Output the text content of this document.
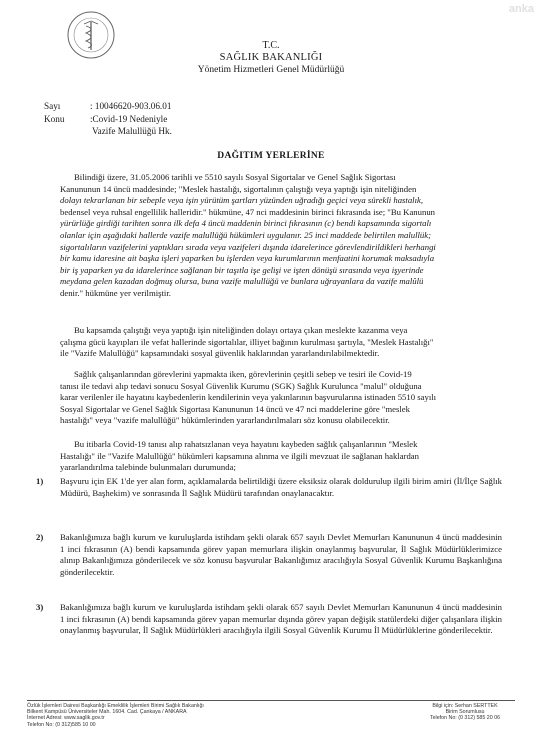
anka
T.C.
SAĞLIK BAKANLIĞI
Yönetim Hizmetleri Genel Müdürlüğü
Sayı	: 10046620-903.06.01
Konu	:Covid-19 Nedeniyle
Vazife Malullüğü Hk.
DAĞITIM YERLERİNE
Bilindiği üzere, 31.05.2006 tarihli ve 5510 sayılı Sosyal Sigortalar ve Genel Sağlık Sigortası
Kanununun 14 üncü maddesinde; "Meslek hastalığı, sigortalının çalıştığı veya yaptığı işin niteliğinden
dolayı tekrarlanan bir sebeple veya işin yürütüm şartları yüzünden uğradığı geçici veya sürekli hastalık,
bedensel veya ruhsal engellilik halleridir." hükmüne, 47 nci maddesinin birinci fıkrasında ise; "Bu Kanunun
yürürlüğe girdiği tarihten sonra ilk defa 4 üncü maddenin birinci fıkrasının (c) bendi kapsamında sigortalı
olanlar için aşağıdaki hallerde vazife malullüğü hükümleri uygulanır. 25 inci maddede belirtilen malullük;
sigortalıların vazifelerini yaptıkları sırada veya vazifeleri dışında idarelerince görevlendirildikleri herhangi
bir kamu idaresine ait başka işleri yaparken bu işlerden veya kurumlarının menfaatini korumak maksadıyla
bir iş yaparken ya da idarelerince sağlanan bir taşıtla işe gelişi ve işten dönüşü sırasında veya işyerinde
meydana gelen kazadan doğmuş olursa, buna vazife malullüğü ve bunlara uğrayanlara da vazife malûlü
denir." hükmüne yer verilmiştir.
Bu kapsamda çalıştığı veya yaptığı işin niteliğinden dolayı ortaya çıkan meslekte kazanma veya
çalışma gücü kayıpları ile vefat hallerinde sigortalılar, illiyet bağının kurulması şartıyla, "Meslek Hastalığı"
ile "Vazife Malullüğü" kapsamındaki sosyal güvenlik haklarından yararlandırılabilmektedir.
Sağlık çalışanlarından görevlerini yapmakta iken, görevlerinin çeşitli sebep ve tesiri ile Covid-19
tanısı ile tedavi alıp tedavi sonucu Sosyal Güvenlik Kurumu (SGK) Sağlık Kurulunca "malul" olduğuna
karar verilenler ile hayatını kaybedenlerin kendilerinin veya yakınlarının başvurularına istinaden 5510 sayılı
Sosyal Sigortalar ve Genel Sağlık Sigortası Kanununun 14 üncü ve 47 nci maddelerine göre "meslek
hastalığı" veya "vazife malullüğü" hükümlerinden yararlandırılmaları söz konusu olabilecektir.
Bu itibarla Covid-19 tanısı alıp rahatsızlanan veya hayatını kaybeden sağlık çalışanlarının "Meslek
Hastalığı" ile "Vazife Malullüğü" hükümleri kapsamına alınma ve ilgili mevzuat ile sağlanan haklardan
yararlandırılma talebinde bulunmaları durumunda;
1) Başvuru için EK 1'de yer alan form, açıklamalarda belirtildiği üzere eksiksiz olarak doldurulup ilgili birim amiri (İl/İlçe Sağlık Müdürü, Başhekim) ve sonrasında İl Sağlık Müdürü tarafından onaylanacaktır.
2) Bakanlığımıza bağlı kurum ve kuruluşlarda istihdam şekli olarak 657 sayılı Devlet Memurları Kanununun 4 üncü maddesinin 1 inci fıkrasının (A) bendi kapsamında görev yapan memurlara ilişkin onaylanmış başvurular, İl Sağlık Müdürlüklerimizce alınıp Bakanlığımıza gönderilecek ve söz konusu başvurular Bakanlığımız aracılığıyla Sosyal Güvenlik Kurumu Başkanlığına gönderilecektir.
3) Bakanlığımıza bağlı kurum ve kuruluşlarda istihdam şekli olarak 657 sayılı Devlet Memurları Kanununun 4 üncü maddesinin 1 inci fıkrasının (A) bendi kapsamında görev yapan memurlar dışında görev yapan değişik statülerdeki diğer çalışanlara ilişkin onaylanmış başvurular, İl Sağlık Müdürlükleri aracılığıyla ilgili Sosyal Güvenlik Kurumu İl Müdürlüklerine gönderilecektir.
Özlük İşlemleri Dairesi Başkanlığı Emeklilik İşlemleri Birimi Sağlık Bakanlığı
Bilkent Kampüsü Üniversiteler Mah. 1604. Cad. Çankaya / ANKARA
İnternet Adresi: www.saglik.gov.tr
Telefon No: (0 312)585 10 00
Bilgi için: Serhan SERTTEK
Birim Sorumlusu
Telefon No: (0 312) 585 20 06
